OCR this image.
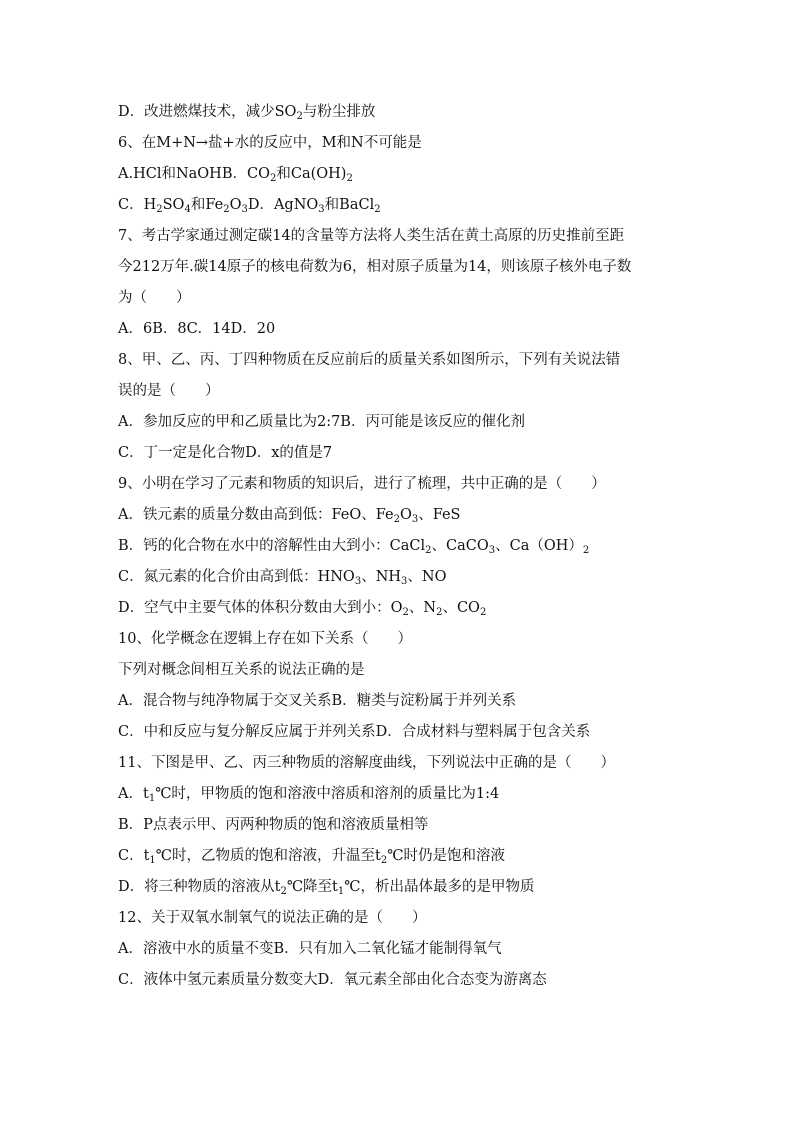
D．改进燃煤技术，减少$SO_2$与粉尘排放
6、在M+N→盐+水的反应中，M和N不可能是
A.HCl和NaOHB．$CO_2$和$Ca(OH)_2$
C．$H_2SO_4$和$Fe_2O_3D$．AgNO$_3$和BaCl$_2$
7、考古学家通过测定碳14的含量等方法将人类生活在黄土高原的历史推前至距
今212万年.碳14原子的核电荷数为6，相对原子质量为14，则该原子核外电子数
为（　　）
A．6B．8C．14D．20
8、甲、乙、丙、丁四种物质在反应前后的质量关系如图所示，下列有关说法错
误的是（　　）
A．参加反应的甲和乙质量比为2:7B．丙可能是该反应的催化剂
C．丁一定是化合物D．x的值是7
9、小明在学习了元素和物质的知识后，进行了梳理，共中正确的是（　　）
A．铁元素的质量分数由高到低：FeO、$Fe_2O_3$、FeS
B．钙的化合物在水中的溶解性由大到小：CaCl$_2$、CaCO$_3$、$Ca(OH)_2$
C．氮元素的化合价由高到低：$HNO_3$、$NH_3$、NO
D．空气中主要气体的体积分数由大到小：$O_2$、$N_2$、$CO_2$
10、化学概念在逻辑上存在如下关系（　　）
下列对概念间相互关系的说法正确的是
A．混合物与纯净物属于交叉关系B．糖类与淀粉属于并列关系
C．中和反应与复分解反应属于并列关系D．合成材料与塑料属于包含关系
11、下图是甲、乙、丙三种物质的溶解度曲线，下列说法中正确的是（　　）
A．$t_1℃$时，甲物质的饱和溶液中溶质和溶剂的质量比为1:4
B．P点表示甲、丙两种物质的饱和溶液质量相等
C．$t_1℃$时，乙物质的饱和溶液，升温至$t_2℃$时仍是饱和溶液
D．将三种物质的溶液从$t_2℃$降至$t_1℃$，析出晶体最多的是甲物质
12、关于双氧水制氧气的说法正确的是（　　）
A．溶液中水的质量不变B．只有加入二氧化锰才能制得氧气
C．液体中氢元素质量分数变大D．氧元素全部由化合态变为游离态
